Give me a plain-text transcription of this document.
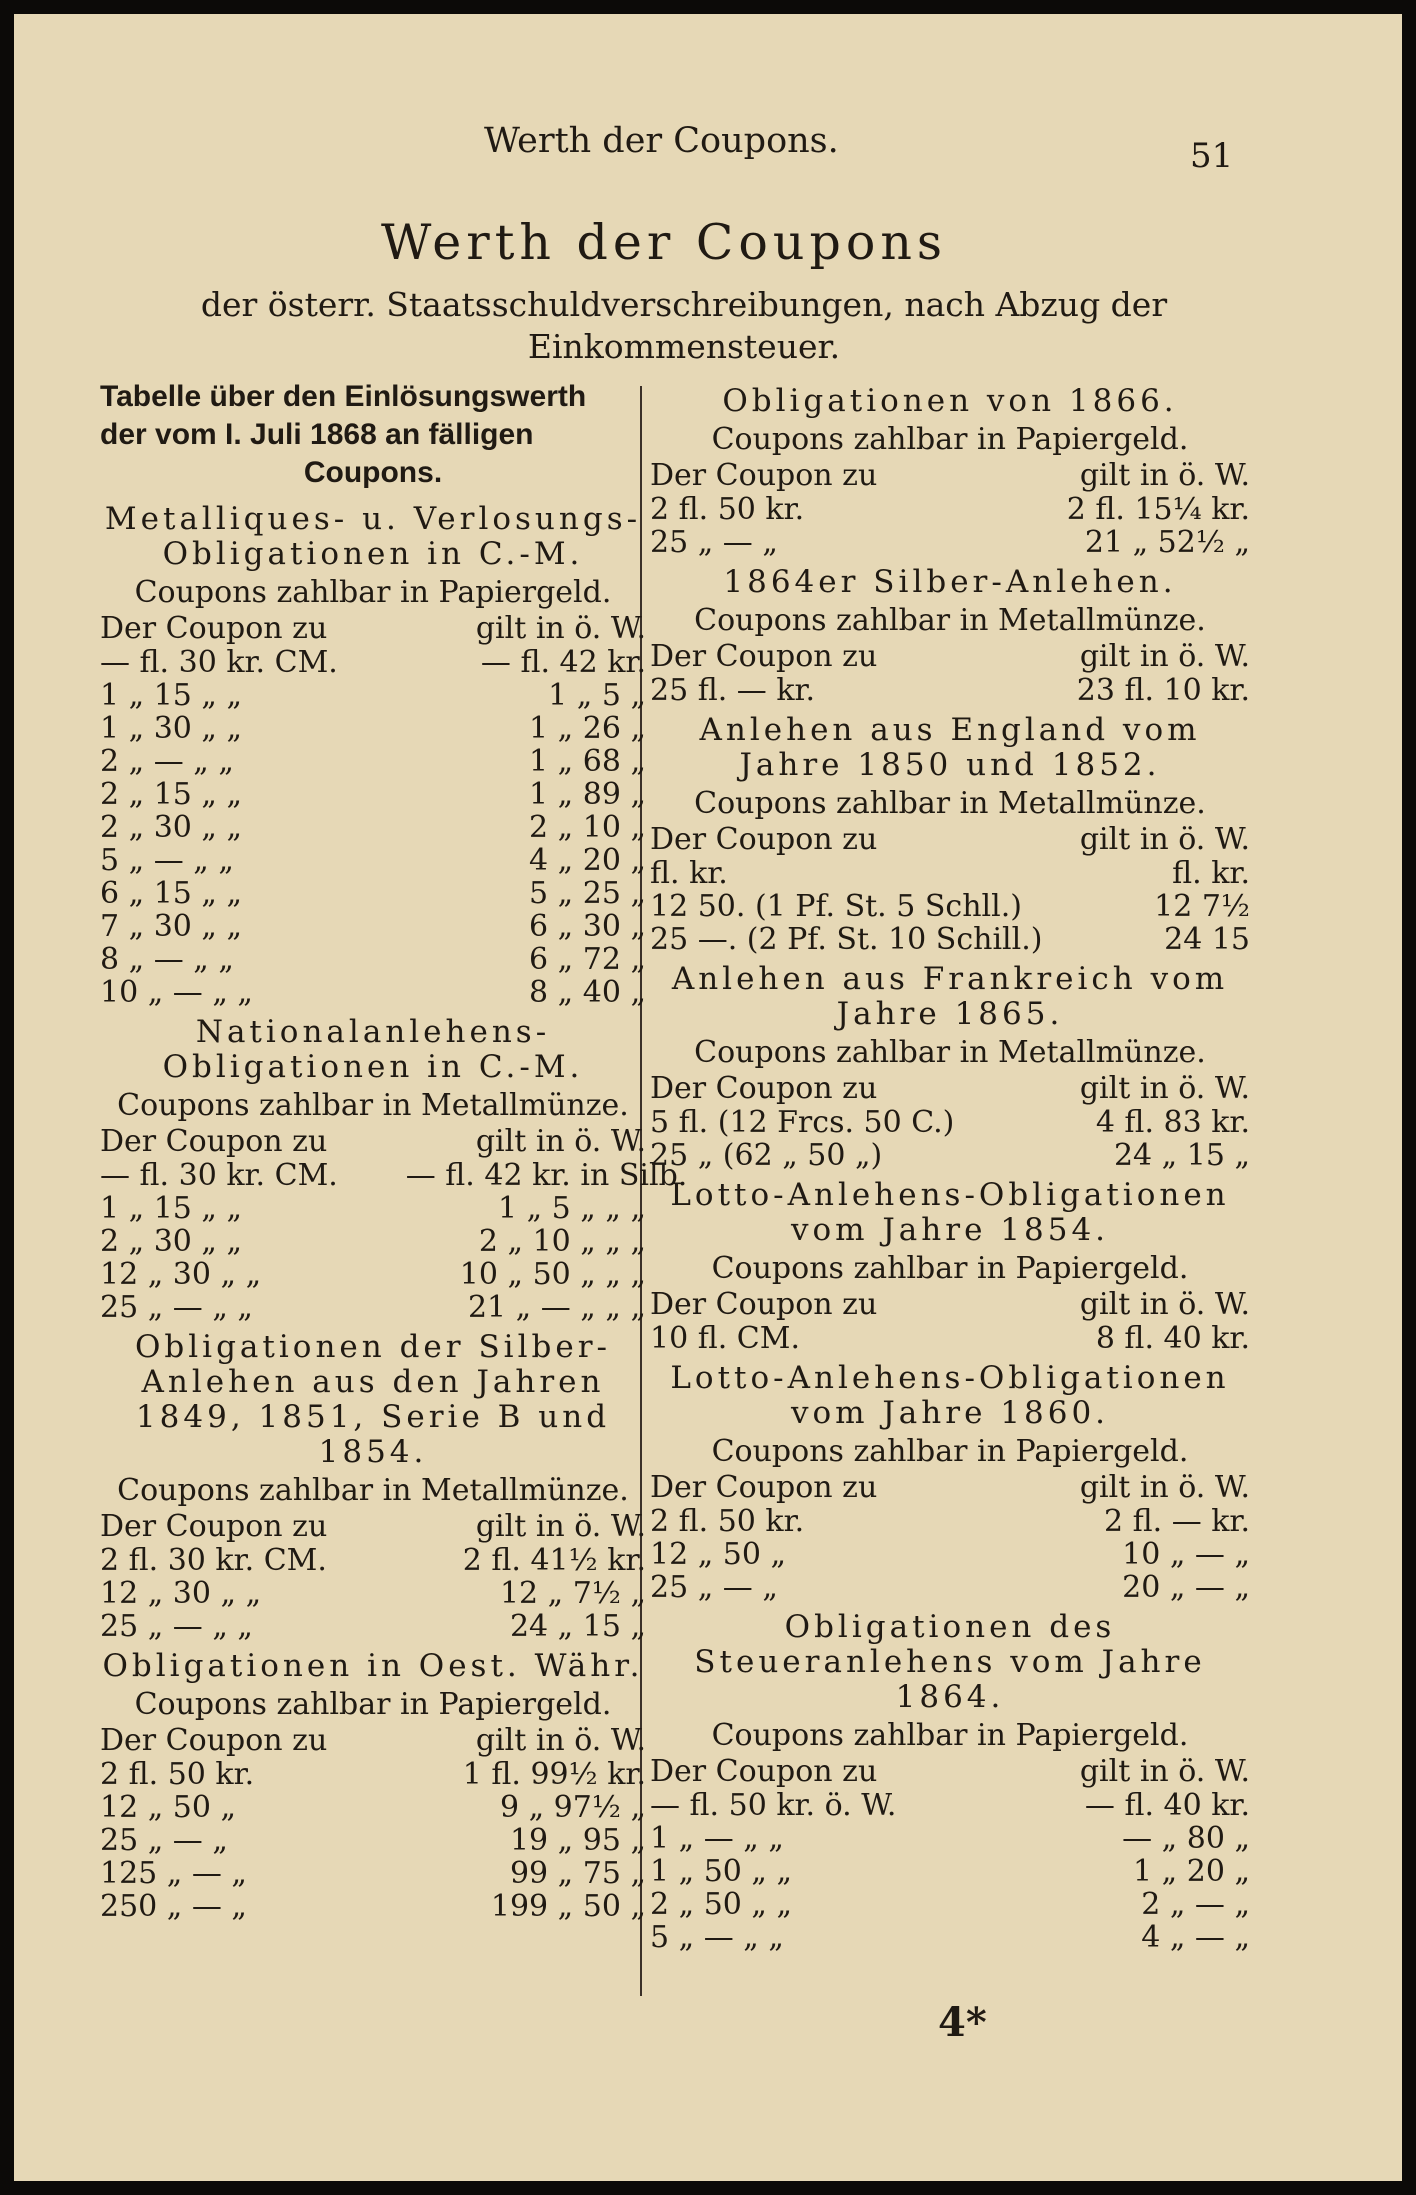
Werth der Coupons.	51
Werth der Coupons
der österr. Staatsschuldverschreibungen, nach Abzug der Einkommensteuer.
Tabelle über den Einlösungswerth
der vom I. Juli 1868 an fälligen
Coupons.
Metalliques- u. Verlosungs-Obligationen in C.-M.
Coupons zahlbar in Papiergeld.
Der Coupon zu	gilt in ö. W.
— fl. 30 kr. CM.	— fl. 42 kr.
1 „ 15 „ „	1 „ 5 „
1 „ 30 „ „	1 „ 26 „
2 „ — „ „	1 „ 68 „
2 „ 15 „ „	1 „ 89 „
2 „ 30 „ „	2 „ 10 „
5 „ — „ „	4 „ 20 „
6 „ 15 „ „	5 „ 25 „
7 „ 30 „ „	6 „ 30 „
8 „ — „ „	6 „ 72 „
10 „ — „ „	8 „ 40 „
Nationalanlehens-Obligationen in C.-M.
Coupons zahlbar in Metallmünze.
Der Coupon zu	gilt in ö. W.
— fl. 30 kr. CM.	— fl. 42 kr. in Silb.
1 „ 15 „ „	1 „ 5 „ „ „
2 „ 30 „ „	2 „ 10 „ „ „
12 „ 30 „ „	10 „ 50 „ „ „
25 „ — „ „	21 „ — „ „ „
Obligationen der Silber-Anlehen aus den Jahren 1849, 1851, Serie B und 1854.
Coupons zahlbar in Metallmünze.
Der Coupon zu	gilt in ö. W.
2 fl. 30 kr. CM.	2 fl. 41½ kr.
12 „ 30 „ „	12 „ 7½ „
25 „ — „ „	24 „ 15 „
Obligationen in Oest. Währ.
Coupons zahlbar in Papiergeld.
Der Coupon zu	gilt in ö. W.
2 fl. 50 kr.	1 fl. 99½ kr.
12 „ 50 „	9 „ 97½ „
25 „ — „	19 „ 95 „
125 „ — „	99 „ 75 „
250 „ — „	199 „ 50 „
Obligationen von 1866.
Coupons zahlbar in Papiergeld.
Der Coupon zu	gilt in ö. W.
2 fl. 50 kr.	2 fl. 15¼ kr.
25 „ — „	21 „ 52½ „
1864er Silber-Anlehen.
Coupons zahlbar in Metallmünze.
Der Coupon zu	gilt in ö. W.
25 fl. — kr.	23 fl. 10 kr.
Anlehen aus England vom Jahre 1850 und 1852.
Coupons zahlbar in Metallmünze.
Der Coupon zu	gilt in ö. W.
fl. kr.	fl. kr.
12 50. (1 Pf. St. 5 Schll.)	12 7½
25 —. (2 Pf. St. 10 Schill.)	24 15
Anlehen aus Frankreich vom Jahre 1865.
Coupons zahlbar in Metallmünze.
Der Coupon zu	gilt in ö. W.
5 fl. (12 Frcs. 50 C.)	4 fl. 83 kr.
25 „ (62 „ 50 „)	24 „ 15 „
Lotto-Anlehens-Obligationen vom Jahre 1854.
Coupons zahlbar in Papiergeld.
Der Coupon zu	gilt in ö. W.
10 fl. CM.	8 fl. 40 kr.
Lotto-Anlehens-Obligationen vom Jahre 1860.
Coupons zahlbar in Papiergeld.
Der Coupon zu	gilt in ö. W.
2 fl. 50 kr.	2 fl. — kr.
12 „ 50 „	10 „ — „
25 „ — „	20 „ — „
Obligationen des Steueranlehens vom Jahre 1864.
Coupons zahlbar in Papiergeld.
Der Coupon zu	gilt in ö. W.
— fl. 50 kr. ö. W.	— fl. 40 kr.
1 „ — „ „	— „ 80 „
1 „ 50 „ „	1 „ 20 „
2 „ 50 „ „	2 „ — „
5 „ — „ „	4 „ — „
4*
